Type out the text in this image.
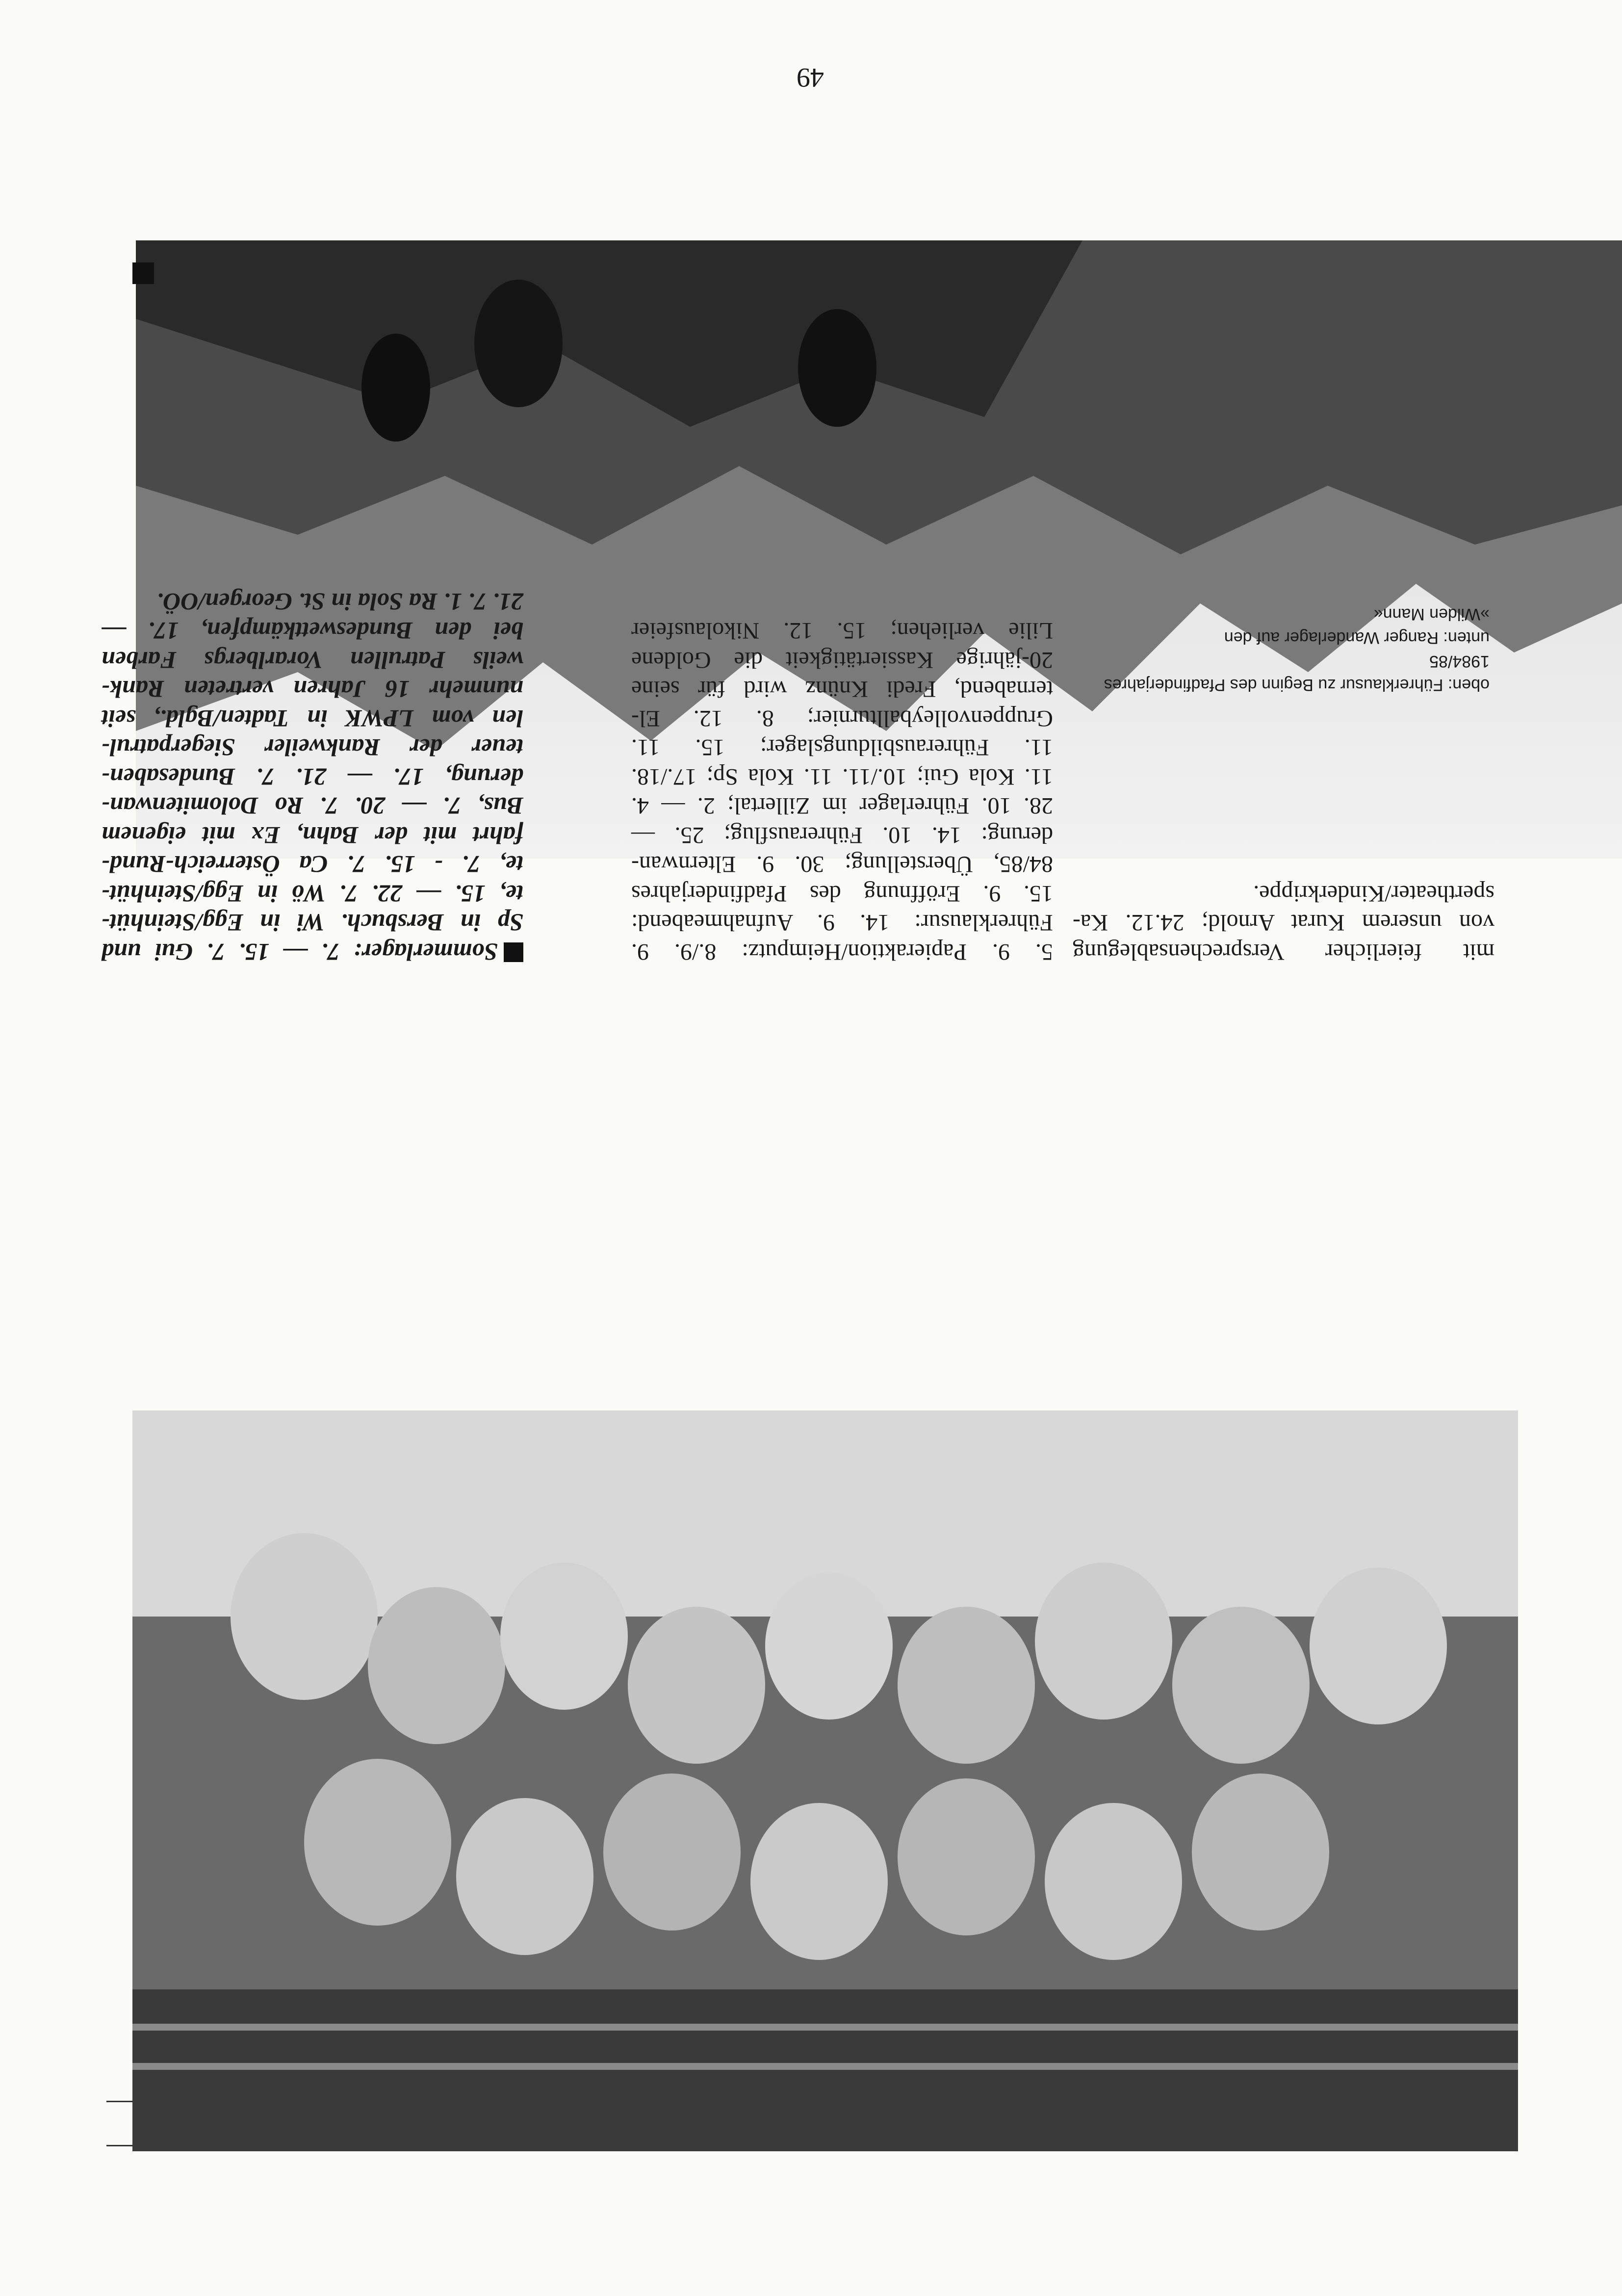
49
Sommerlager: 7. — 15. 7. Gui und
Sp in Bersbuch. Wi in Egg/Steinhüt-
te, 15. — 22. 7. Wö in Egg/Steinhüt-
te, 7. - 15. 7. Ca Österreich-Rund-
fahrt mit der Bahn, Ex mit eigenem
Bus, 7. — 20. 7. Ro Dolomitenwan-
derung, 17. — 21. 7. Bundesaben-
teuer der Rankweiler Siegerpatrul-
len vom LPWK in Tadten/Bgld., seit
nunmehr 16 Jahren vertreten Rank-
weils Patrullen Vorarlbergs Farben
bei den Bundeswettkämpfen, 17. —
21. 7. 1. Ra Sola in St. Georgen/OÖ.
5. 9. Papieraktion/Heimputz: 8./9. 9.
Führerklausur: 14. 9. Aufnahmeabend:
15. 9. Eröffnung des Pfadfinderjahres
84/85, Überstellung; 30. 9. Elternwan-
derung: 14. 10. Führerausflug; 25. —
28. 10. Führerlager im Zillertal; 2. — 4.
11. Kola Gui; 10./11. 11. Kola Sp; 17./18.
11. Führerausbildungslager; 15. 11.
Gruppenvolleyballturnier; 8. 12. El-
ternabend, Fredi Knünz wird für seine
20-jährige Kassiertätigkeit die Goldene
Lilie verliehen; 15. 12. Nikolausfeier
mit feierlicher Versprechensablegung
von unserem Kurat Arnold; 24.12. Ka-
spertheater/Kinderkrippe.
oben: Führerklausur zu Beginn des Pfadfinderjahres
1984/85
unten: Ranger Wanderlager auf den
»Wilden Mann«
